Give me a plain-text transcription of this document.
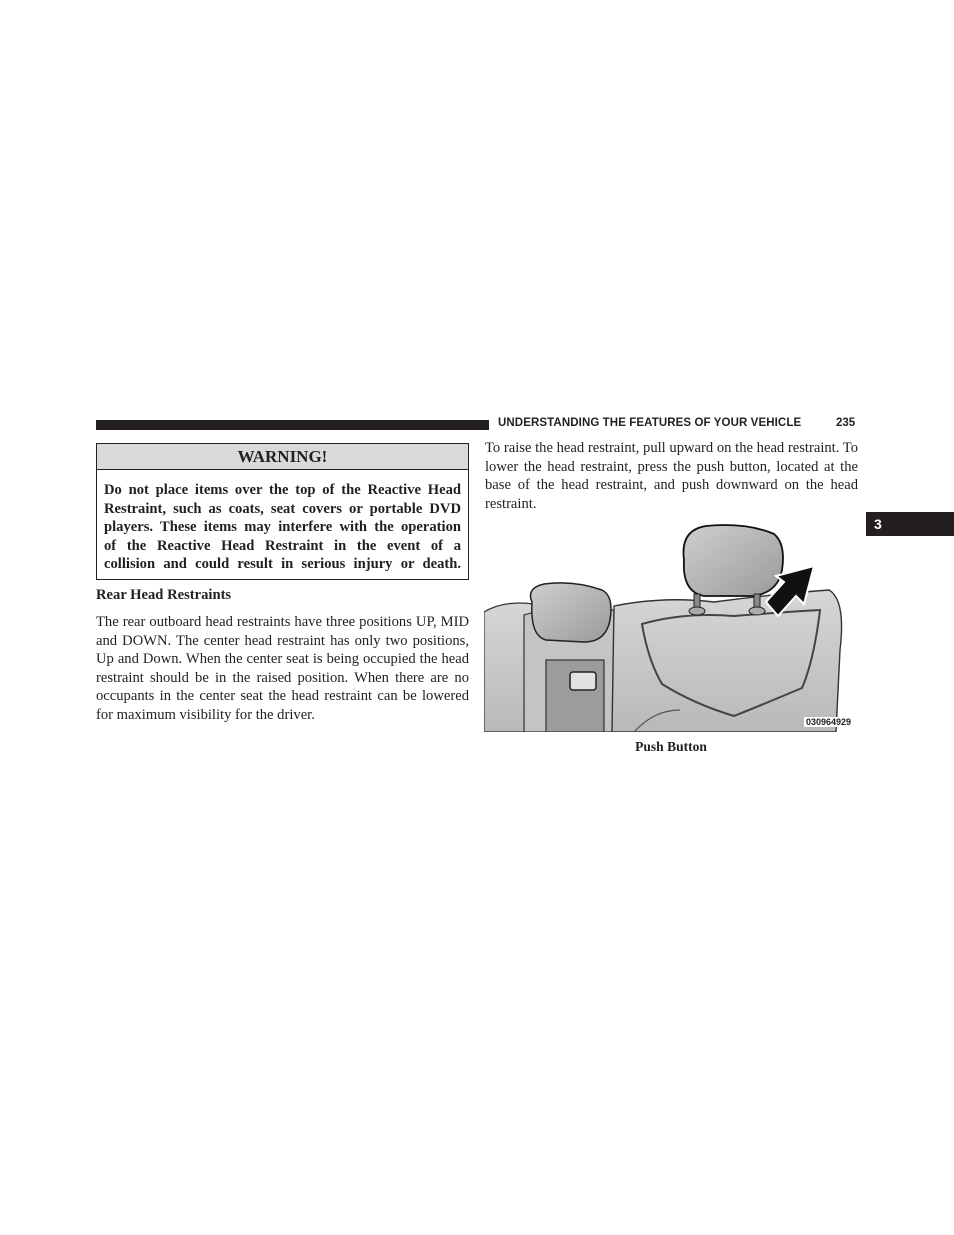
UNDERSTANDING THE FEATURES OF YOUR VEHICLE	235
3
WARNING!
Do not place items over the top of the Reactive Head
Restraint, such as coats, seat covers or portable DVD
players. These items may interfere with the operation
of the Reactive Head Restraint in the event of a
collision and could result in serious injury or death.
Rear Head Restraints
The rear outboard head restraints have three positions UP, MID and DOWN. The center head restraint has only two positions, Up and Down. When the center seat is being occupied the head restraint should be in the raised position. When there are no occupants in the center seat the head restraint can be lowered for maximum visibility for the driver.
To raise the head restraint, pull upward on the head restraint. To lower the head restraint, press the push button, located at the base of the head restraint, and push downward on the head restraint.
030964929
Push Button
